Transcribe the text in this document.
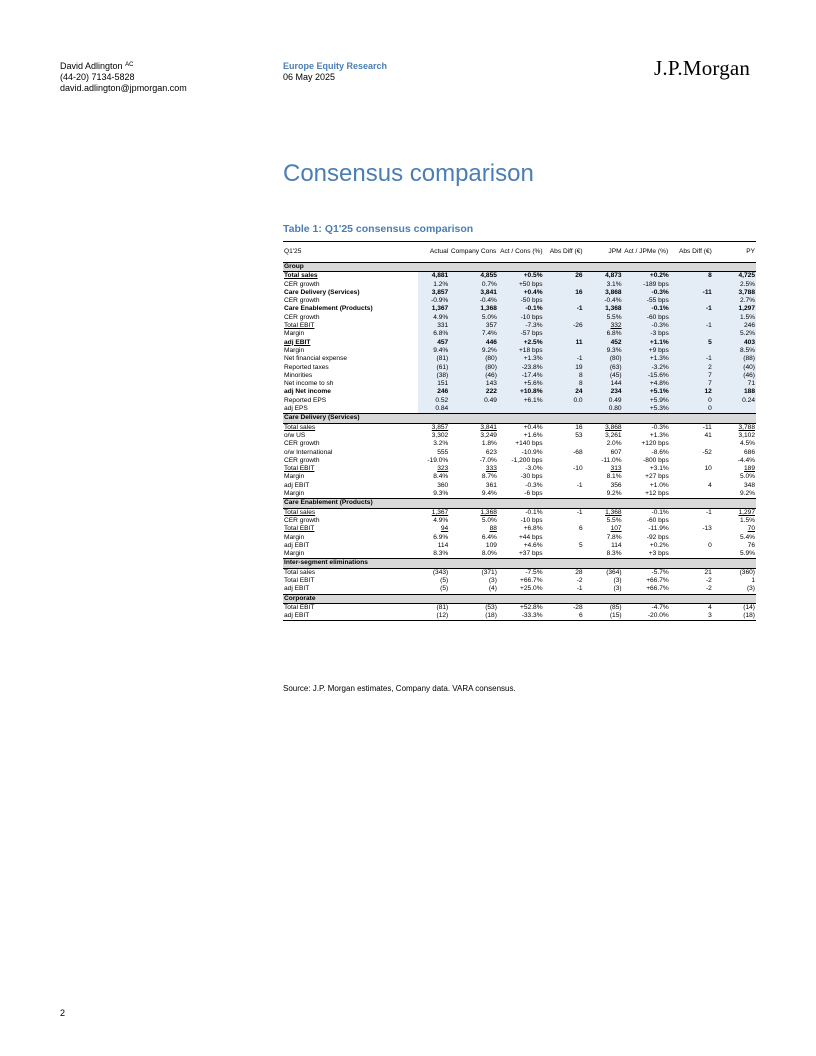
David Adlington $^{AC}$
(44-20) 7134-5828
david.adlington@jpmorgan.com
Europe Equity Research
06 May 2025	J.P.Morgan
Consensus comparison
Table 1: Q1'25 consensus comparison
Q1'25	Actual	Company Cons	Act / Cons (%)	Abs Diff (€)	JPM	Act / JPMe (%)	Abs Diff (€)	PY
Group								
Total sales	4,881	4,855	+0.5%	26	4,873	+0.2%	8	4,725
CER growth	1.2%	0.7%	+50 bps		3.1%	-189 bps		2.5%
Care Delivery (Services)	3,857	3,841	+0.4%	16	3,868	-0.3%	-11	3,788
CER growth	-0.9%	-0.4%	-50 bps		-0.4%	-55 bps		2.7%
Care Enablement (Products)	1,367	1,368	-0.1%	-1	1,368	-0.1%	-1	1,297
CER growth	4.9%	5.0%	-10 bps		5.5%	-60 bps		1.5%
Total EBIT	331	357	-7.3%	-26	332	-0.3%	-1	246
Margin	6.8%	7.4%	-57 bps		6.8%	-3 bps		5.2%
adj EBIT	457	446	+2.5%	11	452	+1.1%	5	403
Margin	9.4%	9.2%	+18 bps		9.3%	+9 bps		8.5%
Net financial expense	(81)	(80)	+1.3%	-1	(80)	+1.3%	-1	(88)
Reported taxes	(61)	(80)	-23.8%	19	(63)	-3.2%	2	(40)
Minorities	(38)	(46)	-17.4%	8	(45)	-15.6%	7	(46)
Net income to sh	151	143	+5.6%	8	144	+4.8%	7	71
adj Net income	246	222	+10.8%	24	234	+5.1%	12	188
Reported EPS	0.52	0.49	+6.1%	0.0	0.49	+5.9%	0	0.24
adj EPS	0.84				0.80	+5.3%	0	
Care Delivery (Services)								
Total sales	3,857	3,841	+0.4%	16	3,868	-0.3%	-11	3,788
o/w US	3,302	3,249	+1.6%	53	3,261	+1.3%	41	3,102
CER growth	3.2%	1.8%	+140 bps		2.0%	+120 bps		4.5%
o/w International	555	623	-10.9%	-68	607	-8.6%	-52	686
CER growth	-19.0%	-7.0%	-1,200 bps		-11.0%	-800 bps		-4.4%
Total EBIT	323	333	-3.0%	-10	313	+3.1%	10	189
Margin	8.4%	8.7%	-30 bps		8.1%	+27 bps		5.0%
adj EBIT	360	361	-0.3%	-1	356	+1.0%	4	348
Margin	9.3%	9.4%	-6 bps		9.2%	+12 bps		9.2%
Care Enablement (Products)								
Total sales	1,367	1,368	-0.1%	-1	1,368	-0.1%	-1	1,297
CER growth	4.9%	5.0%	-10 bps		5.5%	-60 bps		1.5%
Total EBIT	94	88	+6.8%	6	107	-11.9%	-13	70
Margin	6.9%	6.4%	+44 bps		7.8%	-92 bps		5.4%
adj EBIT	114	109	+4.6%	5	114	+0.2%	0	76
Margin	8.3%	8.0%	+37 bps		8.3%	+3 bps		5.9%
Inter-segment eliminations								
Total sales	(343)	(371)	-7.5%	28	(364)	-5.7%	21	(360)
Total EBIT	(5)	(3)	+66.7%	-2	(3)	+66.7%	-2	1
adj EBIT	(5)	(4)	+25.0%	-1	(3)	+66.7%	-2	(3)
Corporate								
Total EBIT	(81)	(53)	+52.8%	-28	(85)	-4.7%	4	(14)
adj EBIT	(12)	(18)	-33.3%	6	(15)	-20.0%	3	(18)
Source: J.P. Morgan estimates, Company data. VARA consensus.
2
